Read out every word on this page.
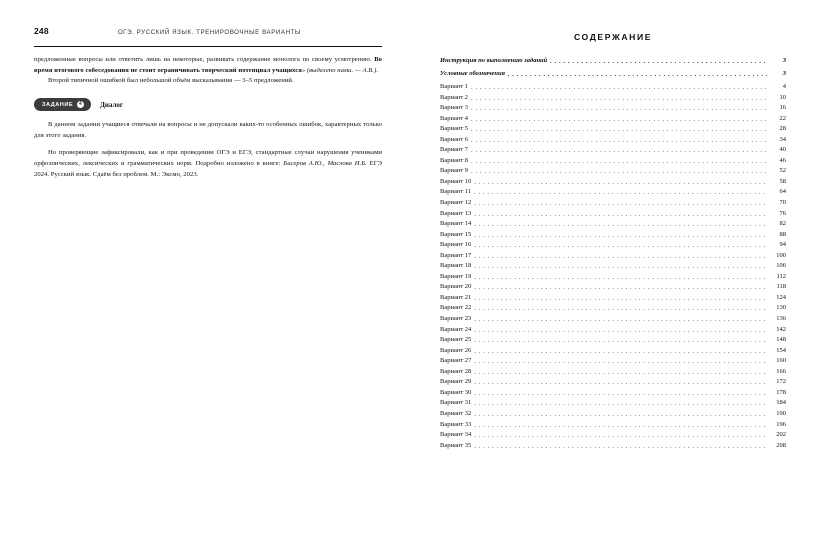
248	ОГЭ. РУССКИЙ ЯЗЫК. ТРЕНИРОВОЧНЫЕ ВАРИАНТЫ

предложенные вопросы или ответить лишь на некоторые, развивать содержание монолога по своему усмотрению. Во время итогового собеседования не стоит ограничивать творческий потенциал учащихся» (выделено нами. — А.В.).

Второй типичной ошибкой был небольшой объём высказывания — 3–5 предложений.

ЗАДАНИЕ	4	Диалог

В данном задании учащиеся отвечали на вопросы и не допускали каких-то особенных ошибок, характерных только для этого задания.

Но проверяющие зафиксировали, как и при проведении ОГЭ и ЕГЭ, стандартные случаи нарушения учениками орфоэпических, лексических и грамматических норм. Подробно изложено в книге: Бисеров А.Ю., Маслова И.Б. ЕГЭ 2024. Русский язык. Сдаём без проблем. М.: Эксмо, 2023.

СОДЕРЖАНИЕ
Инструкция по выполнению заданий . . .	3
Условные обозначения . . .	3
Вариант 1 . . .	4
Вариант 2 . . .	10
Вариант 3 . . .	16
Вариант 4 . . .	22
Вариант 5 . . .	28
Вариант 6 . . .	34
Вариант 7 . . .	40
Вариант 8 . . .	46
Вариант 9 . . .	52
Вариант 10 . . .	58
Вариант 11 . . .	64
Вариант 12 . . .	70
Вариант 13 . . .	76
Вариант 14 . . .	82
Вариант 15 . . .	88
Вариант 16 . . .	94
Вариант 17 . . .	100
Вариант 18 . . .	106
Вариант 19 . . .	112
Вариант 20 . . .	118
Вариант 21 . . .	124
Вариант 22 . . .	130
Вариант 23 . . .	136
Вариант 24 . . .	142
Вариант 25 . . .	148
Вариант 26 . . .	154
Вариант 27 . . .	160
Вариант 28 . . .	166
Вариант 29 . . .	172
Вариант 30 . . .	178
Вариант 31 . . .	184
Вариант 32 . . .	190
Вариант 33 . . .	196
Вариант 34 . . .	202
Вариант 35 . . .	208
